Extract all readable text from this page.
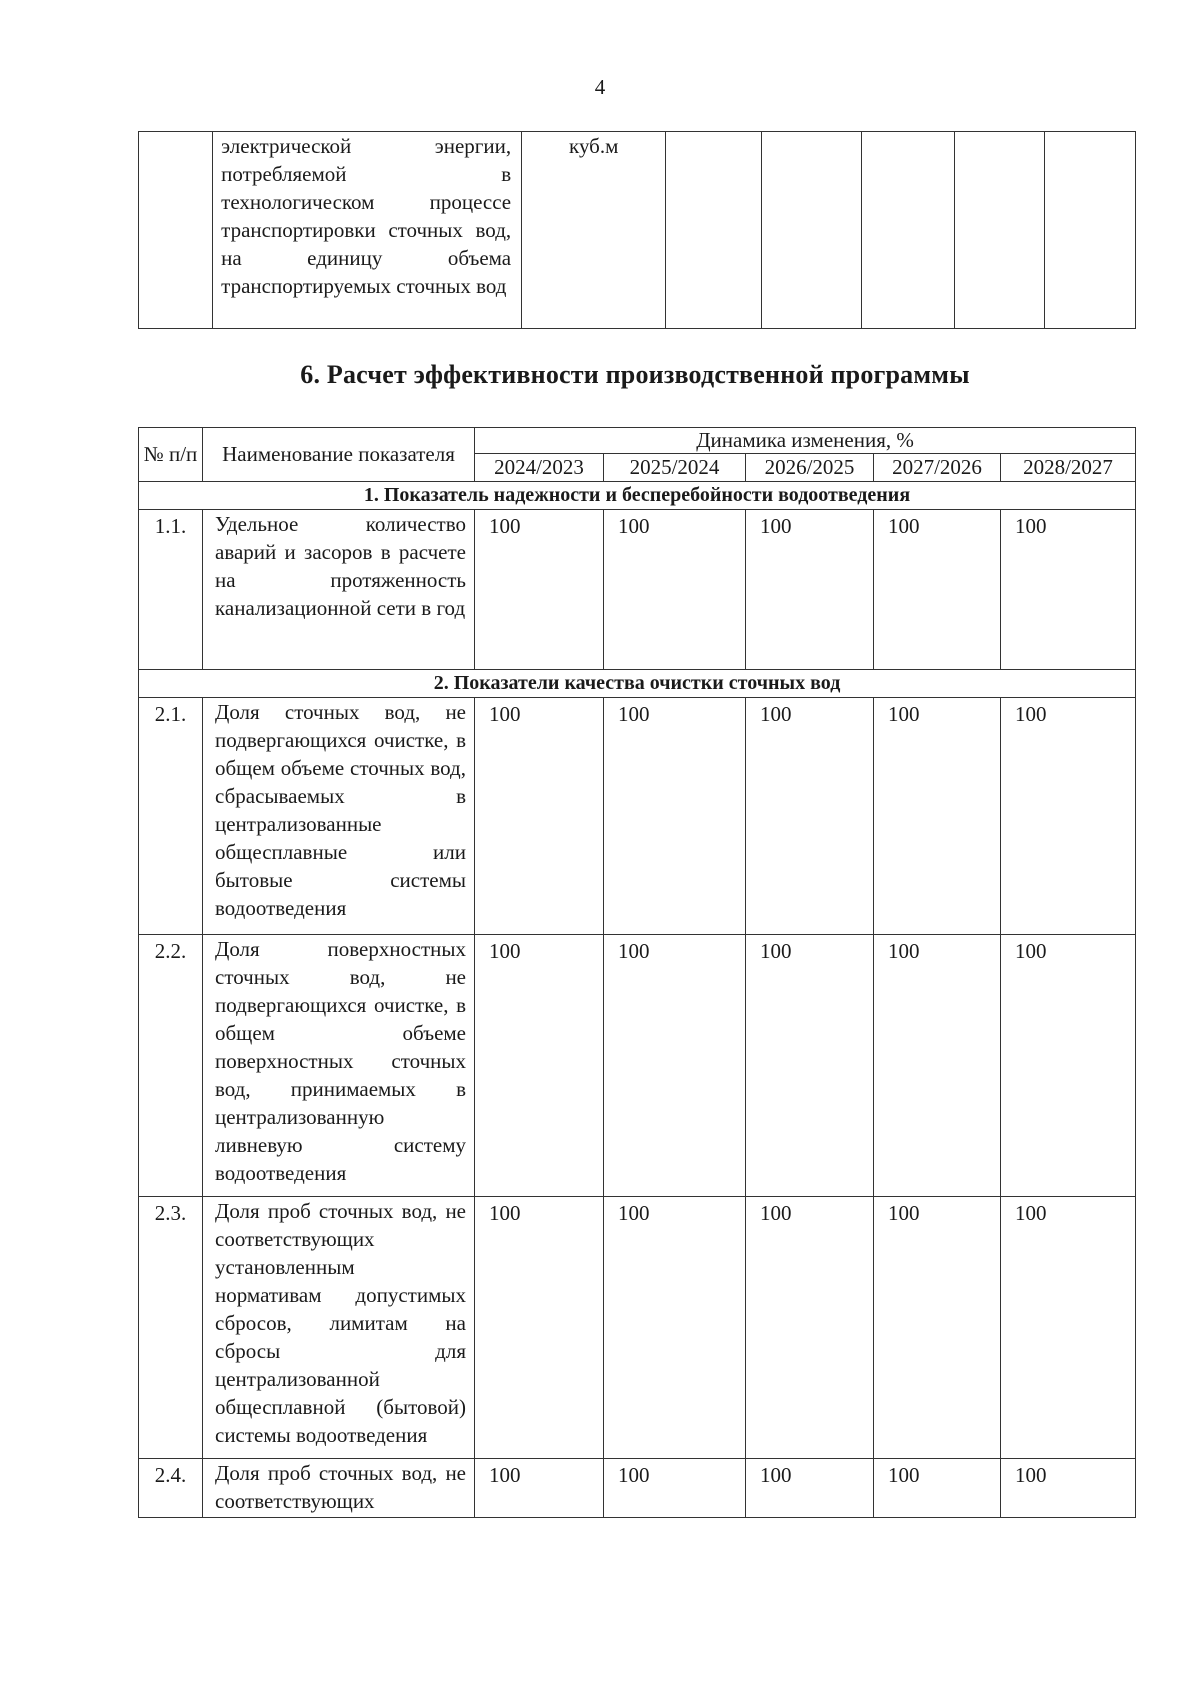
4
	электрической энергии, потребляемой в технологическом процессе транспортировки сточных вод, на единицу объема транспортируемых сточных вод	куб.м					
6. Расчет эффективности производственной программы
№ п/п	Наименование показателя	Динамика изменения, %				
		2024/2023	2025/2024	2026/2025	2027/2026	2028/2027
1. Показатель надежности и бесперебойности водоотведения						
1.1.	Удельное количество аварий и засоров в расчете на протяженность канализационной сети в год	100	100	100	100	100
2. Показатели качества очистки сточных вод						
2.1.	Доля сточных вод, не подвергающихся очистке, в общем объеме сточных вод, сбрасываемых в централизованные общесплавные или бытовые системы водоотведения	100	100	100	100	100
2.2.	Доля поверхностных сточных вод, не подвергающихся очистке, в общем объеме поверхностных сточных вод, принимаемых в централизованную ливневую систему водоотведения	100	100	100	100	100
2.3.	Доля проб сточных вод, не соответствующих установленным нормативам допустимых сбросов, лимитам на сбросы для централизованной общесплавной (бытовой) системы водоотведения	100	100	100	100	100
2.4.	Доля проб сточных вод, не соответствующих	100	100	100	100	100
